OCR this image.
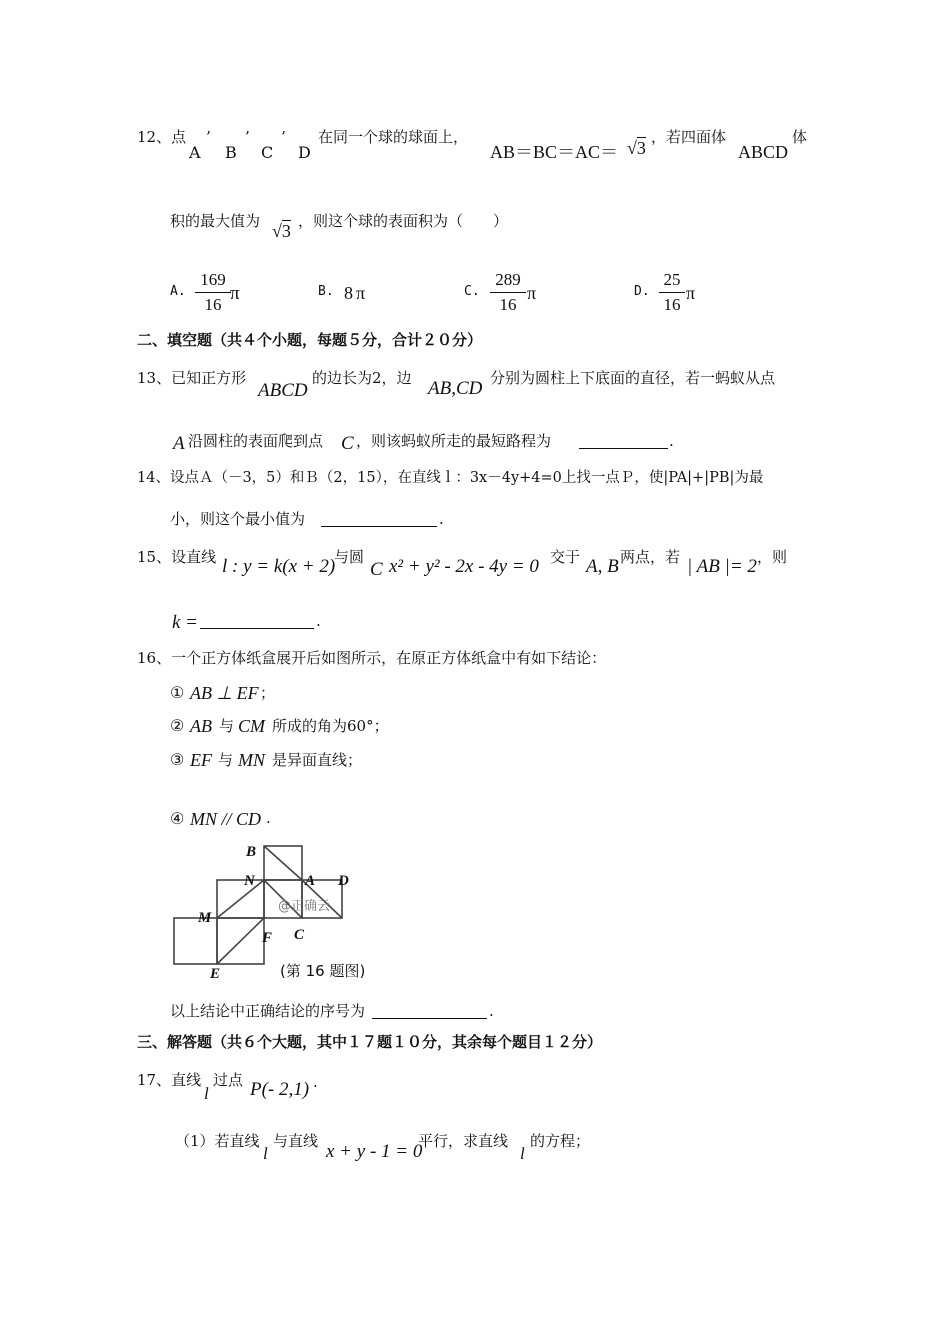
12、点
A
’
B
’
C
’
D
在同一个球的球面上，
AB＝BC＝AC＝ √3
，若四面体
ABCD
体
积的最大值为 √3 ，则这个球的表面积为（　　）
A.
169
16
π	B. 8 π	C.
289
16
π	D.
25
16
π
二、填空题（共４个小题，每题５分，合计２０分）
13、已知正方形
ABCD
的边长为2，边 AB,CD 分别为圆柱上下底面的直径，若一蚂蚁从点
A 沿圆柱的表面爬到点 C ，则该蚂蚁所走的最短路程为	.
14、设点Ａ（－3，5）和Ｂ（2，15），在直线ｌ：3x－4y+4=0上找一点Ｐ，使|PA|+|PB|为最
小，则这个最小值为	.
15、设直线 l : y = k(x + 2)
与圆
C x² + y² - 2x - 4y = 0 交于 A, B 两点，若 | AB |= 2 ，则
k =	.
16、一个正方体纸盒展开后如图所示，在原正方体纸盒中有如下结论：
① AB ⊥ EF ；
② AB 与 CM 所成的角为60°；
③ EF 与 MN 是异面直线；
④ MN // CD .
B
N	A D
M
F C
E
@正确云
(第 16 题图)
以上结论中正确结论的序号为	.
三、解答题（共６个大题，其中１７题１０分，其余每个题目１２分）
17、直线
l
过点 P(- 2,1) .
（1）若直线
l
与直线 x + y - 1 = 0
平行，求直线
l
的方程；
